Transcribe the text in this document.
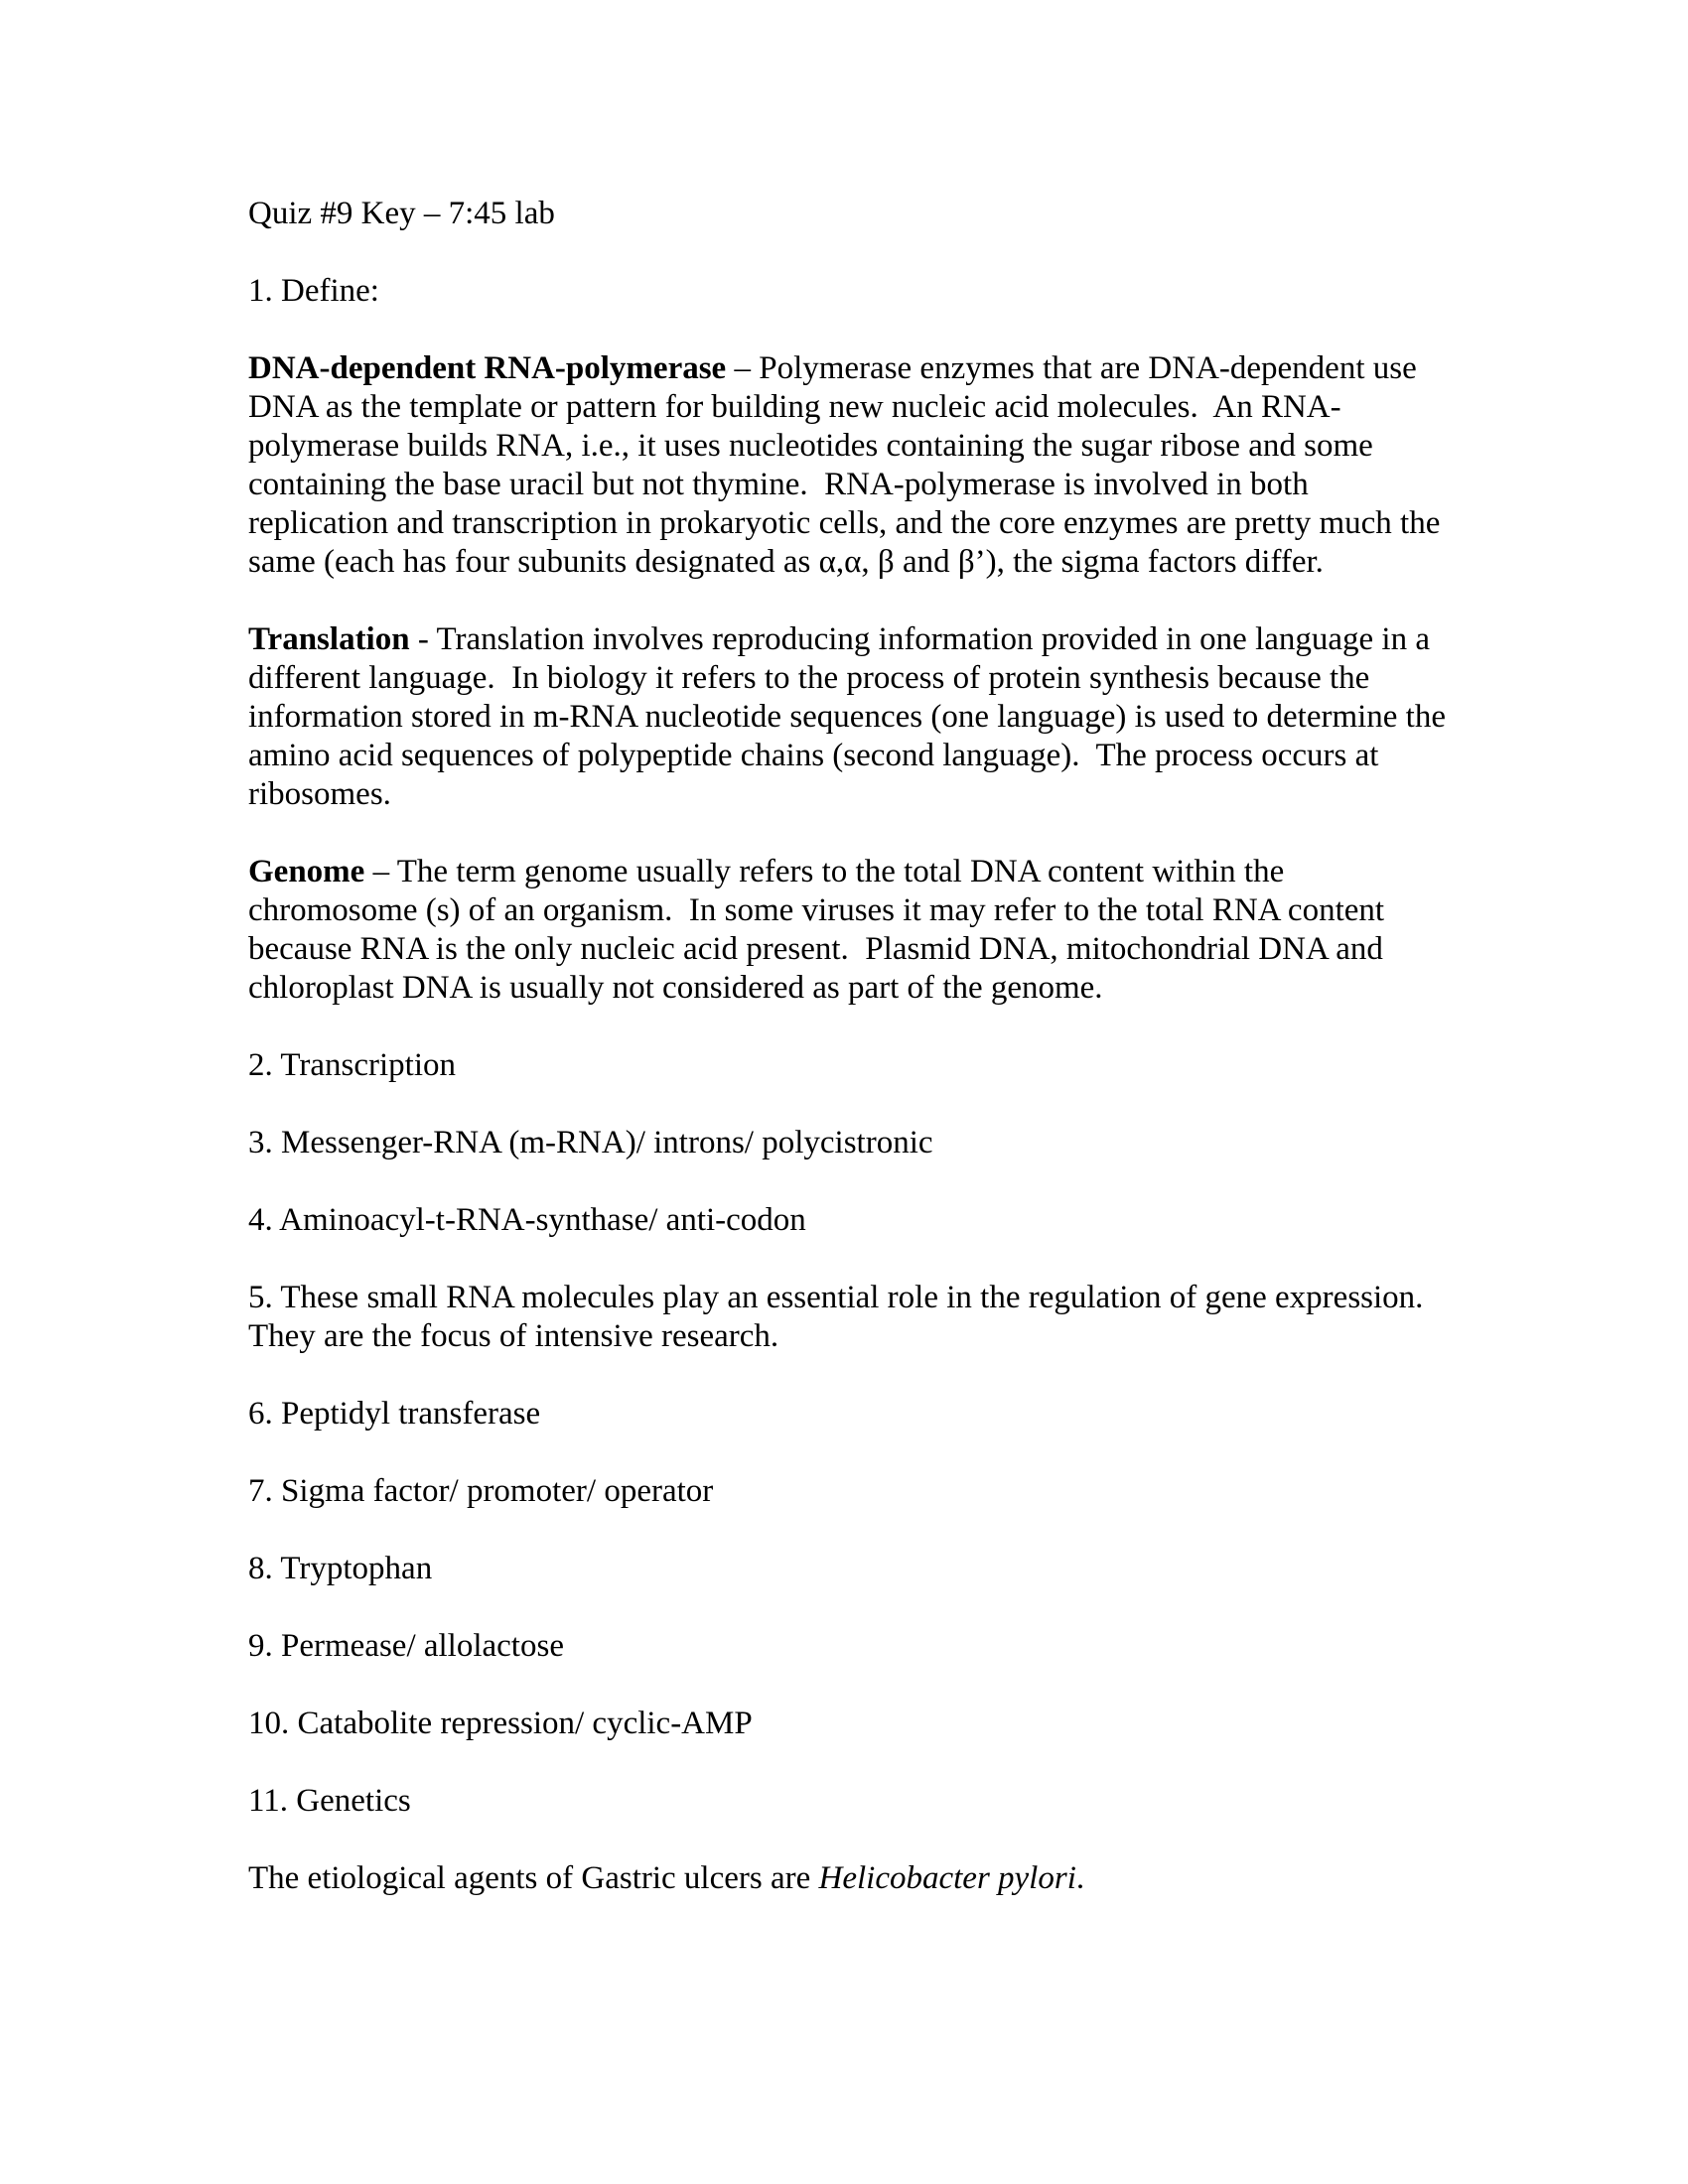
Quiz #9 Key – 7:45 lab

1. Define:

DNA-dependent RNA-polymerase – Polymerase enzymes that are DNA-dependent use DNA as the template or pattern for building new nucleic acid molecules.  An RNA-polymerase builds RNA, i.e., it uses nucleotides containing the sugar ribose and some containing the base uracil but not thymine.  RNA-polymerase is involved in both replication and transcription in prokaryotic cells, and the core enzymes are pretty much the same (each has four subunits designated as α,α, β and β’), the sigma factors differ.

Translation - Translation involves reproducing information provided in one language in a different language.  In biology it refers to the process of protein synthesis because the information stored in m-RNA nucleotide sequences (one language) is used to determine the amino acid sequences of polypeptide chains (second language).  The process occurs at ribosomes.

Genome – The term genome usually refers to the total DNA content within the chromosome (s) of an organism.  In some viruses it may refer to the total RNA content because RNA is the only nucleic acid present.  Plasmid DNA, mitochondrial DNA and chloroplast DNA is usually not considered as part of the genome.

2. Transcription

3. Messenger-RNA (m-RNA)/ introns/ polycistronic

4. Aminoacyl-t-RNA-synthase/ anti-codon

5. These small RNA molecules play an essential role in the regulation of gene expression.  They are the focus of intensive research.

6. Peptidyl transferase

7. Sigma factor/ promoter/ operator

8. Tryptophan

9. Permease/ allolactose

10. Catabolite repression/ cyclic-AMP

11. Genetics

The etiological agents of Gastric ulcers are Helicobacter pylori.
